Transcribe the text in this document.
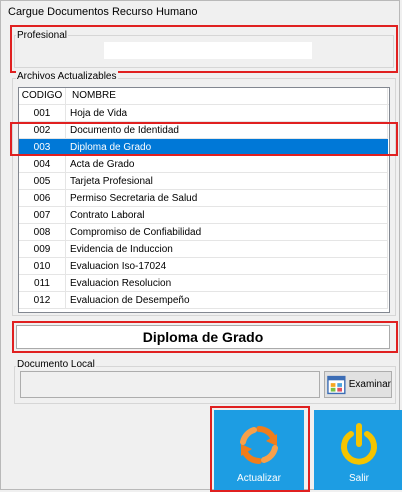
Cargue Documentos Recurso Humano
Profesional
Archivos Actualizables
CODIGO NOMBRE
001	Hoja de Vida
002	Documento de Identidad
003	Diploma de Grado
004	Acta de Grado
005	Tarjeta Profesional
006	Permiso Secretaria de Salud
007	Contrato Laboral
008	Compromiso de Confiabilidad
009	Evidencia de Induccion
010	Evaluacion Iso-17024
011	Evaluacion Resolucion
012	Evaluacion de Desempeño
Diploma de Grado
Documento Local
Examinar
Actualizar	Salir
